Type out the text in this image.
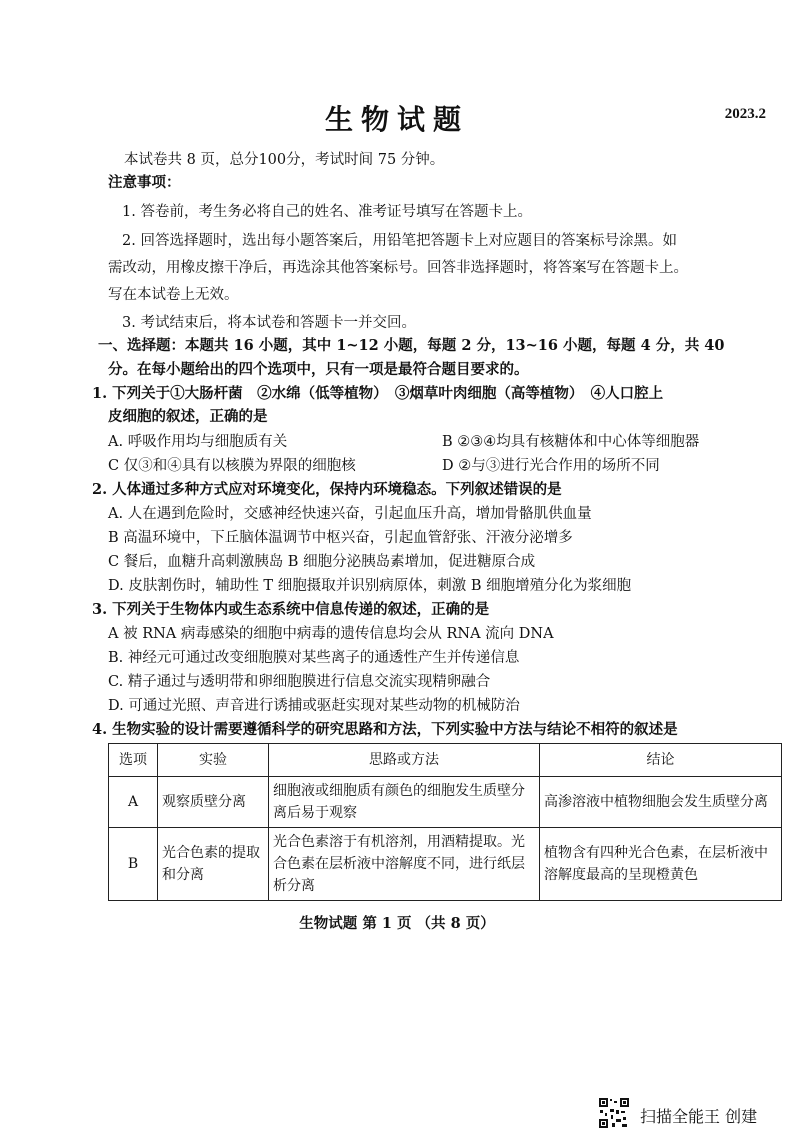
生物试题	2023.2
本试卷共 8 页，总分100分，考试时间 75 分钟。
注意事项：
1. 答卷前，考生务必将自己的姓名、准考证号填写在答题卡上。
2. 回答选择题时，选出每小题答案后，用铅笔把答题卡上对应题目的答案标号涂黑。如
需改动，用橡皮擦干净后，再选涂其他答案标号。回答非选择题时，将答案写在答题卡上。
写在本试卷上无效。
3. 考试结束后，将本试卷和答题卡一并交回。
一、选择题：本题共 16 小题，其中 1~12 小题，每题 2 分，13~16 小题，每题 4 分，共 40
分。在每小题给出的四个选项中，只有一项是最符合题目要求的。
1. 下列关于①大肠杆菌　②水绵（低等植物）　③烟草叶肉细胞（高等植物）　④人口腔上
皮细胞的叙述，正确的是
A. 呼吸作用均与细胞质有关	B ②③④均具有核糖体和中心体等细胞器
C 仅③和④具有以核膜为界限的细胞核	D ②与③进行光合作用的场所不同
2. 人体通过多种方式应对环境变化，保持内环境稳态。下列叙述错误的是
A. 人在遇到危险时，交感神经快速兴奋，引起血压升高，增加骨骼肌供血量
B 高温环境中，下丘脑体温调节中枢兴奋，引起血管舒张、汗液分泌增多
C 餐后，血糖升高刺激胰岛 B 细胞分泌胰岛素增加，促进糖原合成
D. 皮肤割伤时，辅助性 T 细胞摄取并识别病原体，刺激 B 细胞增殖分化为浆细胞
3. 下列关于生物体内或生态系统中信息传递的叙述，正确的是
A 被 RNA 病毒感染的细胞中病毒的遗传信息均会从 RNA 流向 DNA
B. 神经元可通过改变细胞膜对某些离子的通透性产生并传递信息
C. 精子通过与透明带和卵细胞膜进行信息交流实现精卵融合
D. 可通过光照、声音进行诱捕或驱赶实现对某些动物的机械防治
4. 生物实验的设计需要遵循科学的研究思路和方法，下列实验中方法与结论不相符的叙述是
选项	实验	思路或方法	结论
A	观察质壁分离	细胞液或细胞质有颜色的细胞发生质壁分离后易于观察	高渗溶液中植物细胞会发生质壁分离
B	光合色素的提取和分离	光合色素溶于有机溶剂，用酒精提取。光合色素在层析液中溶解度不同，进行纸层析分离	植物含有四种光合色素，在层析液中溶解度最高的呈现橙黄色
生物试题 第 1 页 （共 8 页）
扫描全能王 创建
